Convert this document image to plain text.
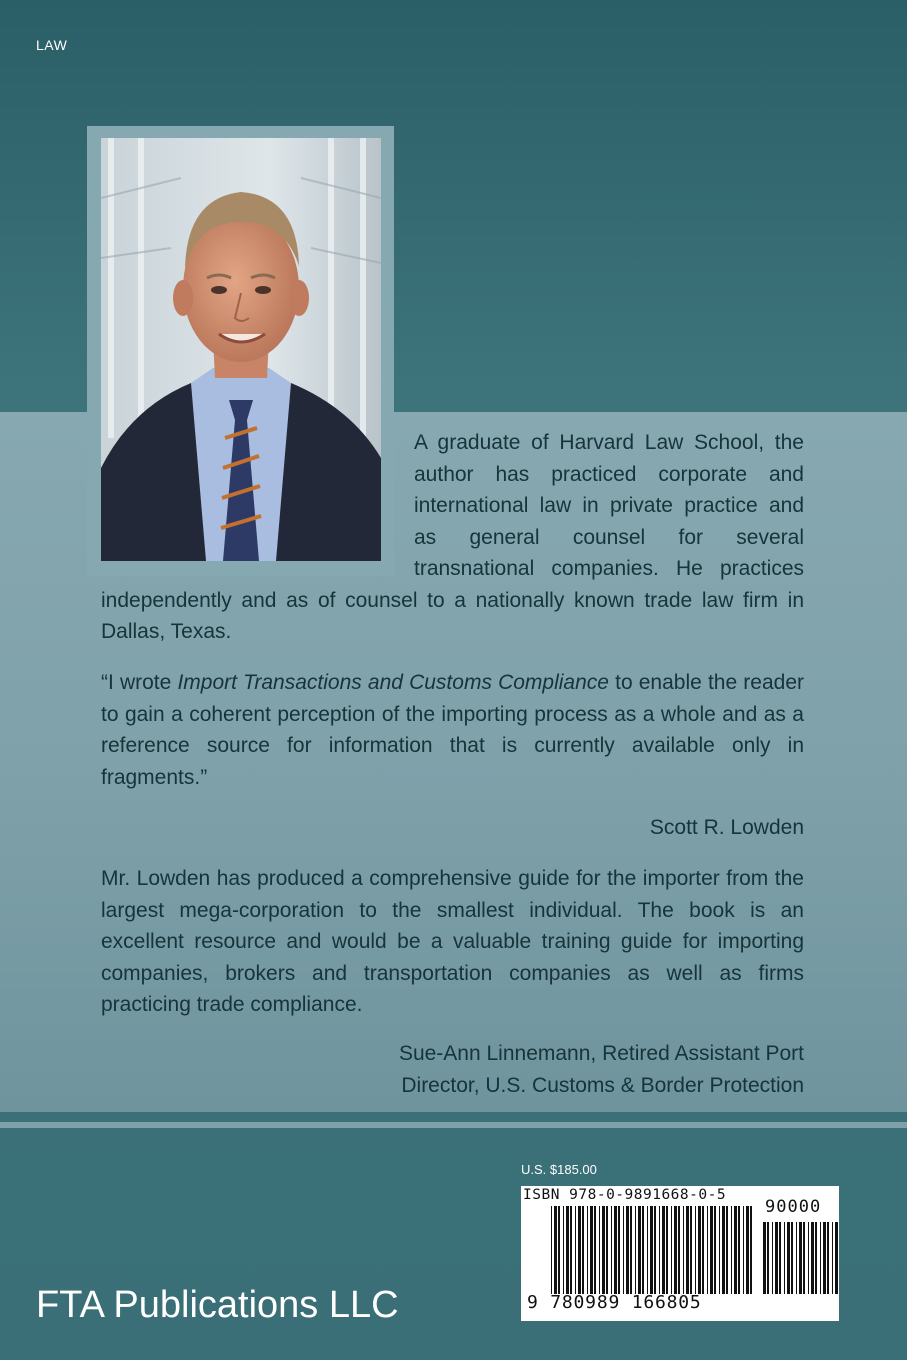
LAW
A graduate of Harvard Law School, the author has practiced corporate and international law in private practice and as general counsel for several transnational companies. He practices independently and as of counsel to a nationally known trade law firm in Dallas, Texas.
“I wrote Import Transactions and Customs Compliance to enable the reader to gain a coherent perception of the importing process as a whole and as a reference source for information that is currently available only in fragments.”
Scott R. Lowden
Mr. Lowden has produced a comprehensive guide for the importer from the largest mega-corporation to the smallest individual. The book is an excellent resource and would be a valuable training guide for importing companies, brokers and transportation companies as well as firms practicing trade compliance.
Sue-Ann Linnemann, Retired Assistant Port
Director, U.S. Customs & Border Protection
U.S. $185.00
ISBN 978-0-9891668-0-5
90000
9 780989 166805
FTA Publications LLC
